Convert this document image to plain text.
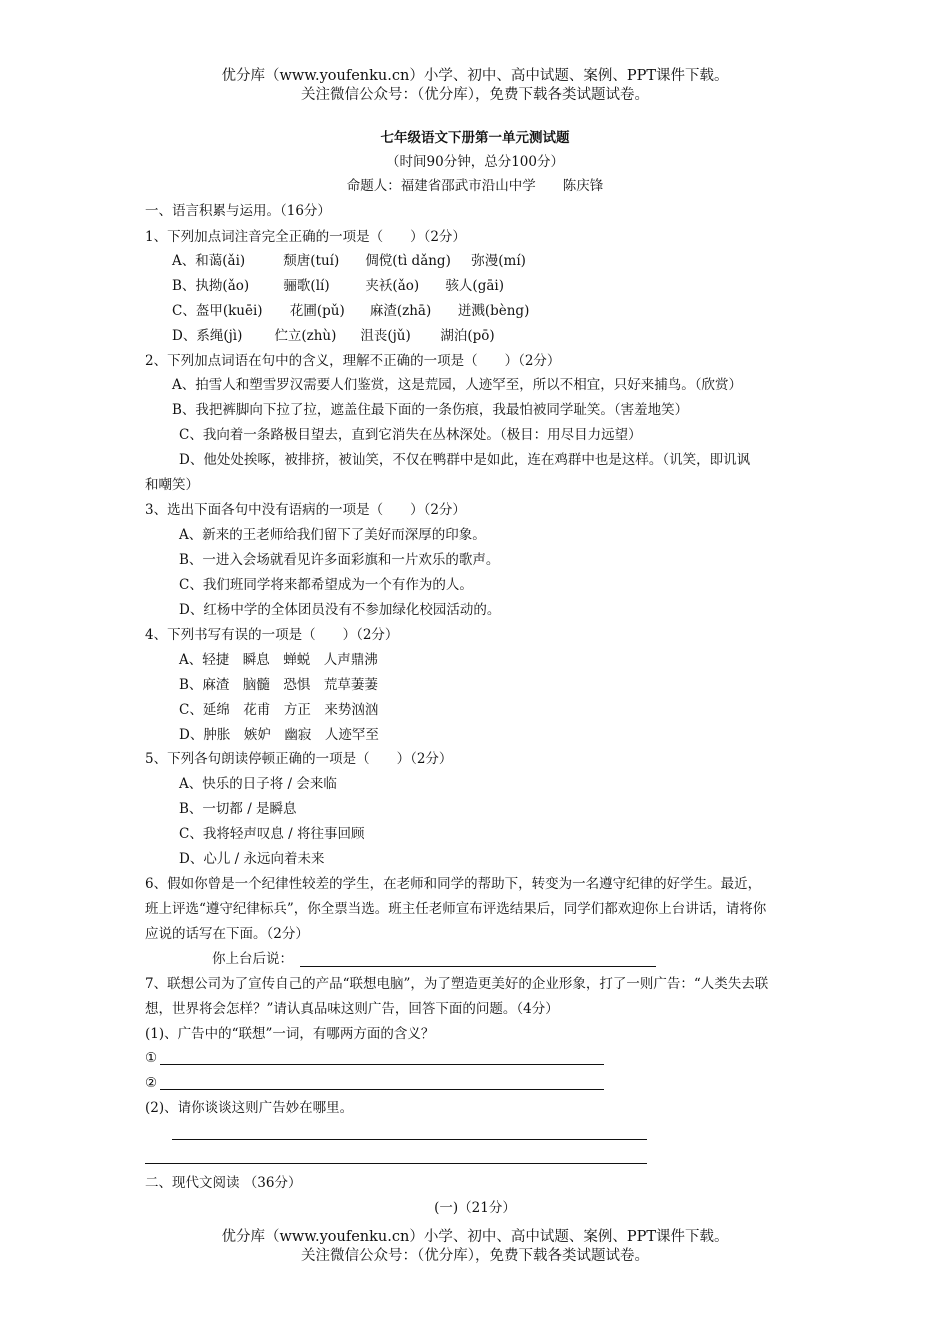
优分库（www.youfenku.cn）小学、初中、高中试题、案例、PPT课件下载。
关注微信公众号：（优分库），免费下载各类试题试卷。
七年级语文下册第一单元测试题
（时间90分钟，总分100分）
命题人：福建省邵武市沿山中学　　陈庆锋
一、语言积累与运用。（16分）
1、下列加点词注音完全正确的一项是（　　）（2分）
A、和蔼(ǎi)	颓唐(tuí) 倜傥(tì dǎng) 弥漫(mí)
B、执拗(ǎo)	骊歌(lí)	夹袄(ǎo) 骇人(gāi)
C、盔甲(kuēi) 花圃(pǔ) 麻渣(zhā) 迸溅(bèng)
D、系绳(jì) 伫立(zhù) 沮丧(jǔ) 湖泊(pō)
2、下列加点词语在句中的含义，理解不正确的一项是（　　）（2分）
A、拍雪人和塑雪罗汉需要人们鉴赏，这是荒园，人迹罕至，所以不相宜，只好来捕鸟。（欣赏）
B、我把裤脚向下拉了拉，遮盖住最下面的一条伤痕，我最怕被同学耻笑。（害羞地笑）
C、我向着一条路极目望去，直到它消失在丛林深处。（极目：用尽目力远望）
D、他处处挨啄，被排挤，被讪笑，不仅在鸭群中是如此，连在鸡群中也是这样。（讥笑，即讥讽
和嘲笑）
3、选出下面各句中没有语病的一项是（　　）（2分）
A、新来的王老师给我们留下了美好而深厚的印象。
B、一进入会场就看见许多面彩旗和一片欢乐的歌声。
C、我们班同学将来都希望成为一个有作为的人。
D、红杨中学的全体团员没有不参加绿化校园活动的。
4、下列书写有误的一项是（　　）（2分）
A、轻捷　瞬息　蝉蜕　人声鼎沸
B、麻渣　脑髓　恐惧　荒草萋萋
C、延绵　花甫　方正　来势汹汹
D、肿胀　嫉妒　幽寂　人迹罕至
5、下列各句朗读停顿正确的一项是（　　）（2分）
A、快乐的日子将 / 会来临
B、一切都 / 是瞬息
C、我将轻声叹息 / 将往事回顾
D、心儿 / 永远向着未来
6、假如你曾是一个纪律性较差的学生，在老师和同学的帮助下，转变为一名遵守纪律的好学生。最近，
班上评选“遵守纪律标兵”，你全票当选。班主任老师宣布评选结果后，同学们都欢迎你上台讲话，请将你
应说的话写在下面。（2分）
你上台后说：
7、联想公司为了宣传自己的产品“联想电脑”，为了塑造更美好的企业形象，打了一则广告：“人类失去联
想，世界将会怎样？”请认真品味这则广告，回答下面的问题。（4分）
(1)、广告中的“联想”一词，有哪两方面的含义？
①
②
(2)、请你谈谈这则广告妙在哪里。
二、现代文阅读 （36分）
(一)（21分）
优分库（www.youfenku.cn）小学、初中、高中试题、案例、PPT课件下载。
关注微信公众号：（优分库），免费下载各类试题试卷。
